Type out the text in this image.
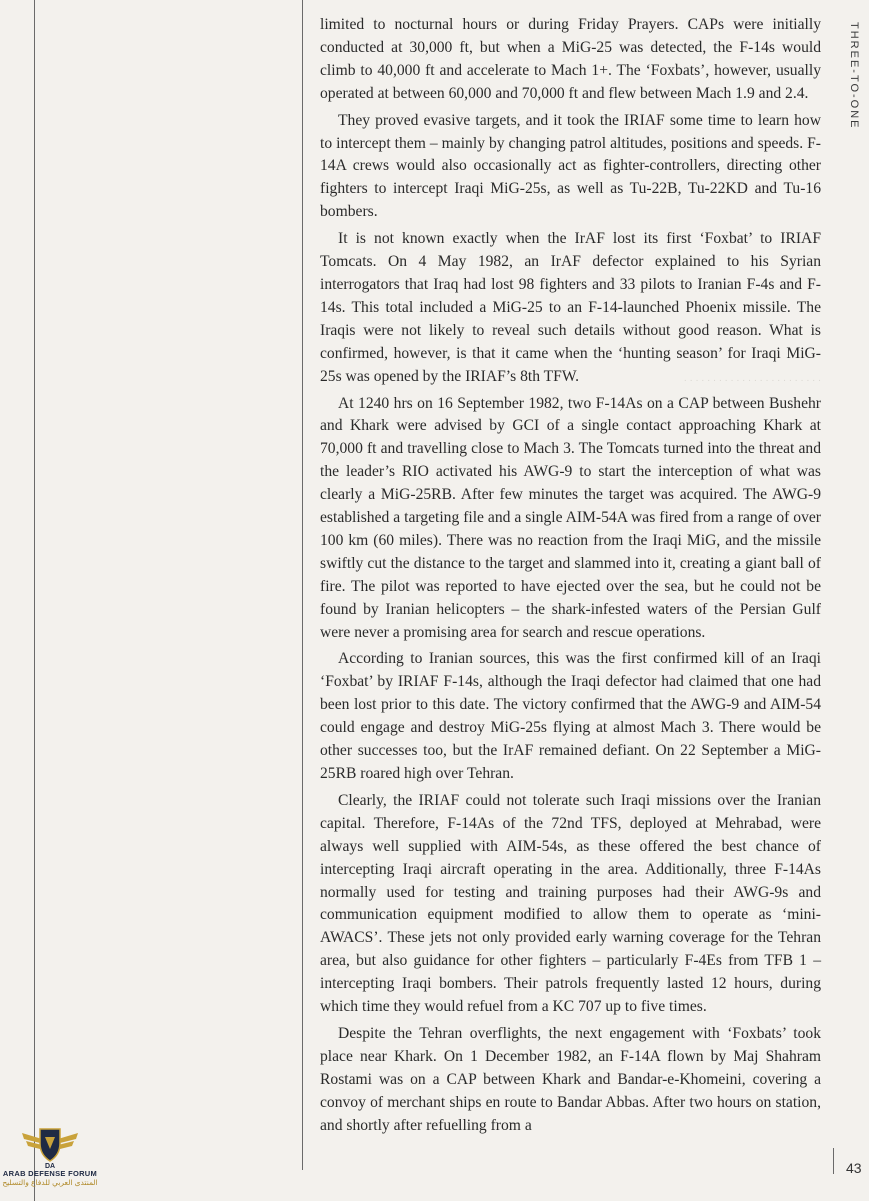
. . . . . . . . . . . . . . . . . . . . . . . .

limited to nocturnal hours or during Friday Prayers. CAPs were initially conducted at 30,000 ft, but when a MiG-25 was detected, the F-14s would climb to 40,000 ft and accelerate to Mach 1+. The ‘Foxbats’, however, usually operated at between 60,000 and 70,000 ft and flew between Mach 1.9 and 2.4.

They proved evasive targets, and it took the IRIAF some time to learn how to intercept them – mainly by changing patrol altitudes, positions and speeds. F-14A crews would also occasionally act as fighter-controllers, directing other fighters to intercept Iraqi MiG-25s, as well as Tu-22B, Tu-22KD and Tu-16 bombers.

It is not known exactly when the IrAF lost its first ‘Foxbat’ to IRIAF Tomcats. On 4 May 1982, an IrAF defector explained to his Syrian interrogators that Iraq had lost 98 fighters and 33 pilots to Iranian F-4s and F-14s. This total included a MiG-25 to an F-14-launched Phoenix missile. The Iraqis were not likely to reveal such details without good reason. What is confirmed, however, is that it came when the ‘hunting season’ for Iraqi MiG-25s was opened by the IRIAF’s 8th TFW.

At 1240 hrs on 16 September 1982, two F-14As on a CAP between Bushehr and Khark were advised by GCI of a single contact approaching Khark at 70,000 ft and travelling close to Mach 3. The Tomcats turned into the threat and the leader’s RIO activated his AWG-9 to start the interception of what was clearly a MiG-25RB. After few minutes the target was acquired. The AWG-9 established a targeting file and a single AIM-54A was fired from a range of over 100 km (60 miles). There was no reaction from the Iraqi MiG, and the missile swiftly cut the distance to the target and slammed into it, creating a giant ball of fire. The pilot was reported to have ejected over the sea, but he could not be found by Iranian helicopters – the shark-infested waters of the Persian Gulf were never a promising area for search and rescue operations.

According to Iranian sources, this was the first confirmed kill of an Iraqi ‘Foxbat’ by IRIAF F-14s, although the Iraqi defector had claimed that one had been lost prior to this date. The victory confirmed that the AWG-9 and AIM-54 could engage and destroy MiG-25s flying at almost Mach 3. There would be other successes too, but the IrAF remained defiant. On 22 September a MiG-25RB roared high over Tehran.

Clearly, the IRIAF could not tolerate such Iraqi missions over the Iranian capital. Therefore, F-14As of the 72nd TFS, deployed at Mehrabad, were always well supplied with AIM-54s, as these offered the best chance of intercepting Iraqi aircraft operating in the area. Additionally, three F-14As normally used for testing and training purposes had their AWG-9s and communication equipment modified to allow them to operate as ‘mini-AWACS’. These jets not only provided early warning coverage for the Tehran area, but also guidance for other fighters – particularly F-4Es from TFB 1 – intercepting Iraqi bombers. Their patrols frequently lasted 12 hours, during which time they would refuel from a KC 707 up to five times.

Despite the Tehran overflights, the next engagement with ‘Foxbats’ took place near Khark. On 1 December 1982, an F-14A flown by Maj Shahram Rostami was on a CAP between Khark and Bandar-e-Khomeini, covering a convoy of merchant ships en route to Bandar Abbas. After two hours on station, and shortly after refuelling from a

THREE-TO-ONE
43
DA
ARAB DEFENSE FORUM
المنتدى العربي للدفاع والتسليح
